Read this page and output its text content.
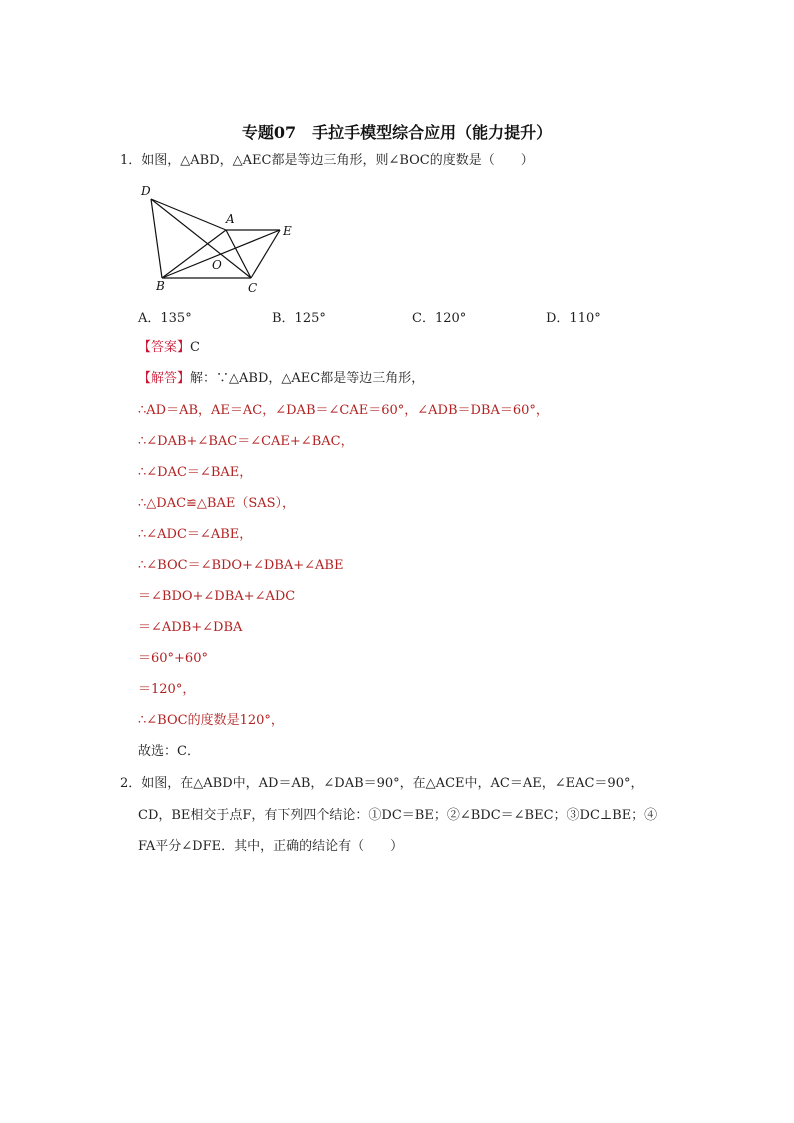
专题07　手拉手模型综合应用（能力提升）
1．如图，△ABD，△AEC都是等边三角形，则∠BOC的度数是（　　）
D
A
E
O
B	C
A．135°	B．125°	C．120°	D．110°
【答案】C
【解答】解：∵△ABD，△AEC都是等边三角形，
∴AD＝AB，AE＝AC，∠DAB＝∠CAE＝60°，∠ADB＝DBA＝60°，
∴∠DAB+∠BAC＝∠CAE+∠BAC，
∴∠DAC＝∠BAE，
∴△DAC≌△BAE（SAS），
∴∠ADC＝∠ABE，
∴∠BOC＝∠BDO+∠DBA+∠ABE
＝∠BDO+∠DBA+∠ADC
＝∠ADB+∠DBA
＝60°+60°
＝120°，
∴∠BOC的度数是120°，
故选：C．
2．如图，在△ABD中，AD＝AB，∠DAB＝90°，在△ACE中，AC＝AE，∠EAC＝90°，
CD，BE相交于点F，有下列四个结论：①DC＝BE；②∠BDC＝∠BEC；③DC⊥BE；④
FA平分∠DFE．其中，正确的结论有（　　）
